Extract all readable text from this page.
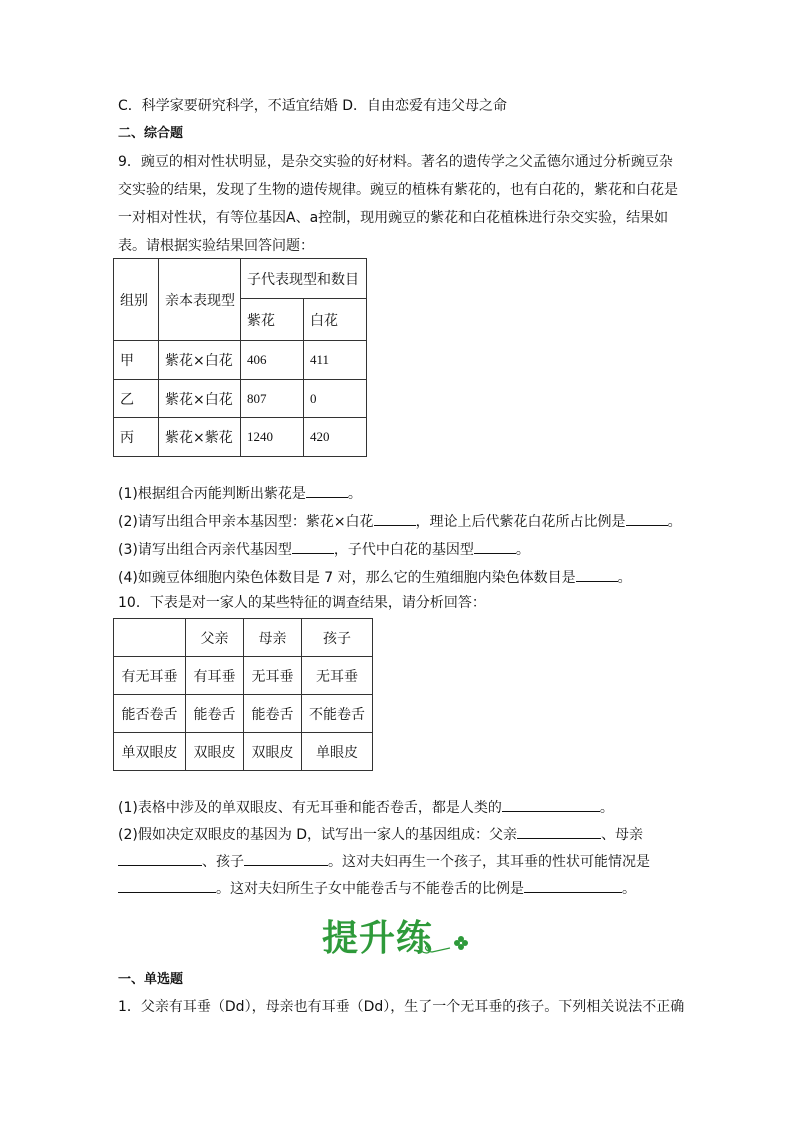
C．科学家要研究科学，不适宜结婚 D．自由恋爱有违父母之命
二、综合题
9．豌豆的相对性状明显，是杂交实验的好材料。著名的遗传学之父孟德尔通过分析豌豆杂
交实验的结果，发现了生物的遗传规律。豌豆的植株有紫花的，也有白花的，紫花和白花是
一对相对性状，有等位基因A、a控制，现用豌豆的紫花和白花植株进行杂交实验，结果如
表。请根据实验结果回答问题：
组别	亲本表现型	子代表现型和数目	
		紫花	白花
甲	紫花×白花	406	411
乙	紫花×白花	807	0
丙	紫花×紫花	1240	420
(1)根据组合丙能判断出紫花是	。
(2)请写出组合甲亲本基因型：紫花×白花	，理论上后代紫花白花所占比例是	。
(3)请写出组合丙亲代基因型	，子代中白花的基因型	。
(4)如豌豆体细胞内染色体数目是 7 对，那么它的生殖细胞内染色体数目是	。
10．下表是对一家人的某些特征的调查结果，请分析回答：
	父亲	母亲	孩子
有无耳垂	有耳垂	无耳垂	无耳垂
能否卷舌	能卷舌	能卷舌	不能卷舌
单双眼皮	双眼皮	双眼皮	单眼皮
(1)表格中涉及的单双眼皮、有无耳垂和能否卷舌，都是人类的	。
(2)假如决定双眼皮的基因为 D，试写出一家人的基因组成：父亲	、母亲
、孩子	。这对夫妇再生一个孩子，其耳垂的性状可能情况是
。这对夫妇所生子女中能卷舌与不能卷舌的比例是	。
提升练
一、单选题
1．父亲有耳垂（Dd），母亲也有耳垂（Dd），生了一个无耳垂的孩子。下列相关说法不正确
